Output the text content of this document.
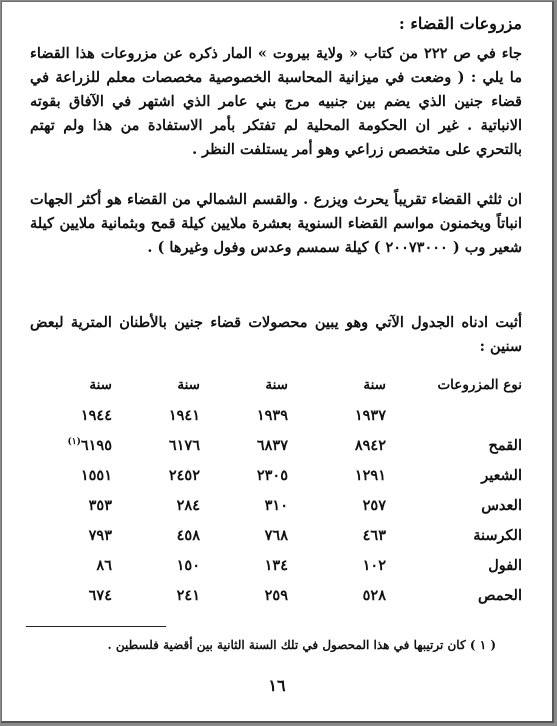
مزروعات القضاء :

جاء في ص ٢٢٢ من كتاب « ولاية بيروت » المار ذكره عن مزروعات هذا القضاء ما يلي : ( وضعت في ميزانية المحاسبة الخصوصية مخصصات معلم للزراعة في قضاء جنين الذي يضم بين جنبيه مرج بني عامر الذي اشتهر في الآفاق بقوته الانباتية . غير ان الحكومة المحلية لم تفتكر بأمر الاستفادة من هذا ولم تهتم بالتحري على متخصص زراعي وهو أمر يستلفت النظر .

ان ثلثي القضاء تقريباً يحرث ويزرع . والقسم الشمالي من القضاء هو أكثر الجهات انباتاً ويخمنون مواسم القضاء السنوية بعشرة ملايين كيلة قمح وبثمانية ملايين كيلة شعير وب ( ٢٠٠٧٣٠٠٠ ) كيلة سمسم وعدس وفول وغيرها ) .

أثبت ادناه الجدول الآتي وهو يبين محصولات قضاء جنين بالأطنان المترية لبعض سنين :

نوع المزروعات
سنة
سنة
سنة
سنة
١٩٣٧
١٩٣٩
١٩٤١
١٩٤٤
القمح
٨٩٤٢
٦٨٣٧
٦١٧٦
٦١٩٥$^{(١)}$
الشعير
١٢٩١
٢٣٠٥
٢٤٥٢
١٥٥١
العدس
٢٥٧
٣١٠
٢٨٤
٣٥٣
الكرسنة
٤٦٣
٧٦٨
٤٥٨
٧٩٣
الفول
١٠٢
١٣٤
١٥٠
٨٦
الحمص
٥٢٨
٢٥٩
٢٤١
٦٧٤
( ١ ) كان ترتيبها في هذا المحصول في تلك السنة الثانية بين أقضية فلسطين .
١٦
